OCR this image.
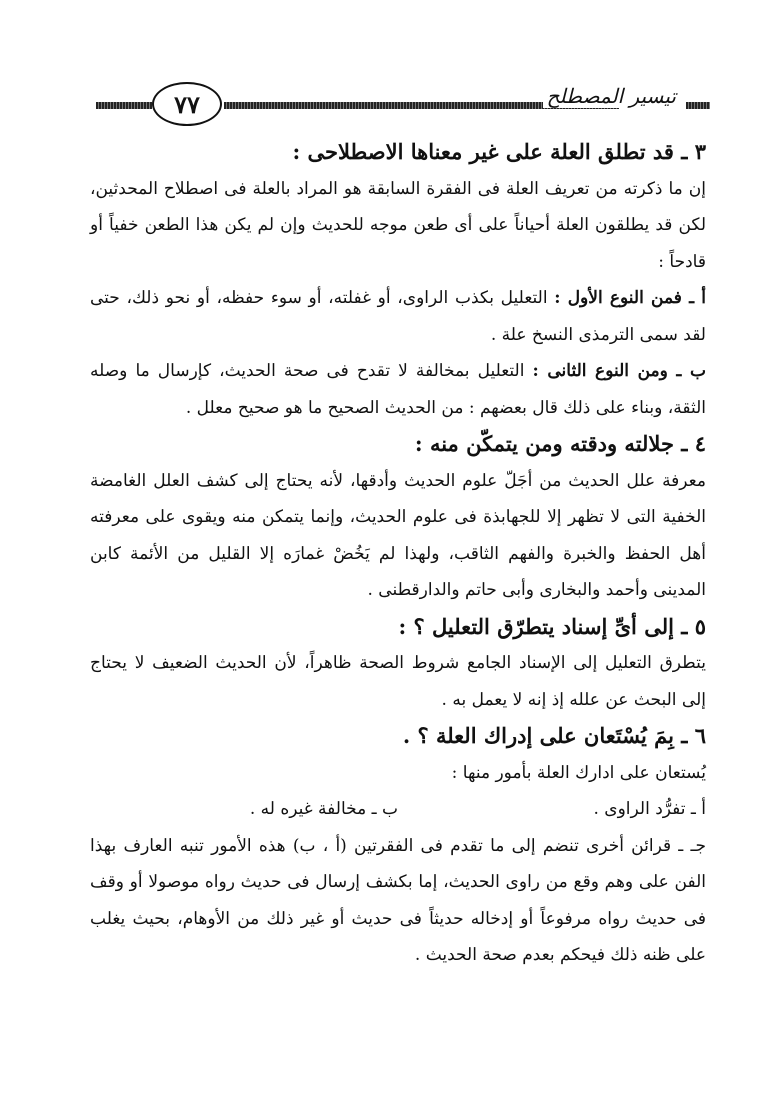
٧٧	تيسير المصطلح

٣ ـ قد تطلق العلة على غير معناها الاصطلاحى :

إن ما ذكرته من تعريف العلة فى الفقرة السابقة هو المراد بالعلة فى اصطلاح المحدثين، لكن قد يطلقون العلة أحياناً على أى طعن موجه للحديث وإن لم يكن هذا الطعن خفياً أو قادحاً :

أ ـ فمن النوع الأول : التعليل بكذب الراوى، أو غفلته، أو سوء حفظه، أو نحو ذلك، حتى لقد سمى الترمذى النسخ علة .

ب ـ ومن النوع الثانى : التعليل بمخالفة لا تقدح فى صحة الحديث، كإرسال ما وصله الثقة، وبناء على ذلك قال بعضهم : من الحديث الصحيح ما هو صحيح معلل .

٤ ـ جلالته ودقته ومن يتمكّن منه :

معرفة علل الحديث من أجَلّ علوم الحديث وأدقها، لأنه يحتاج إلى كشف العلل الغامضة الخفية التى لا تظهر إلا للجهابذة فى علوم الحديث، وإنما يتمكن منه ويقوى على معرفته أهل الحفظ والخبرة والفهم الثاقب، ولهذا لم يَخُضْ غمارَه إلا القليل من الأئمة كابن المدينى وأحمد والبخارى وأبى حاتم والدارقطنى .

٥ ـ إلى أىِّ إسناد يتطرّق التعليل ؟ :

يتطرق التعليل إلى الإسناد الجامع شروط الصحة ظاهراً، لأن الحديث الضعيف لا يحتاج إلى البحث عن علله إذ إنه لا يعمل به .

٦ ـ بِمَ يُسْتَعان على إدراك العلة ؟ .

يُستعان على ادارك العلة بأمور منها :

أ ـ تفرُّد الراوى .
ب ـ مخالفة غيره له .

جـ ـ قرائن أخرى تنضم إلى ما تقدم فى الفقرتين (أ ، ب) هذه الأمور تنبه العارف بهذا الفن على وهم وقع من راوى الحديث، إما بكشف إرسال فى حديث رواه موصولا أو وقف فى حديث رواه مرفوعاً أو إدخاله حديثاً فى حديث أو غير ذلك من الأوهام، بحيث يغلب على ظنه ذلك فيحكم بعدم صحة الحديث .
